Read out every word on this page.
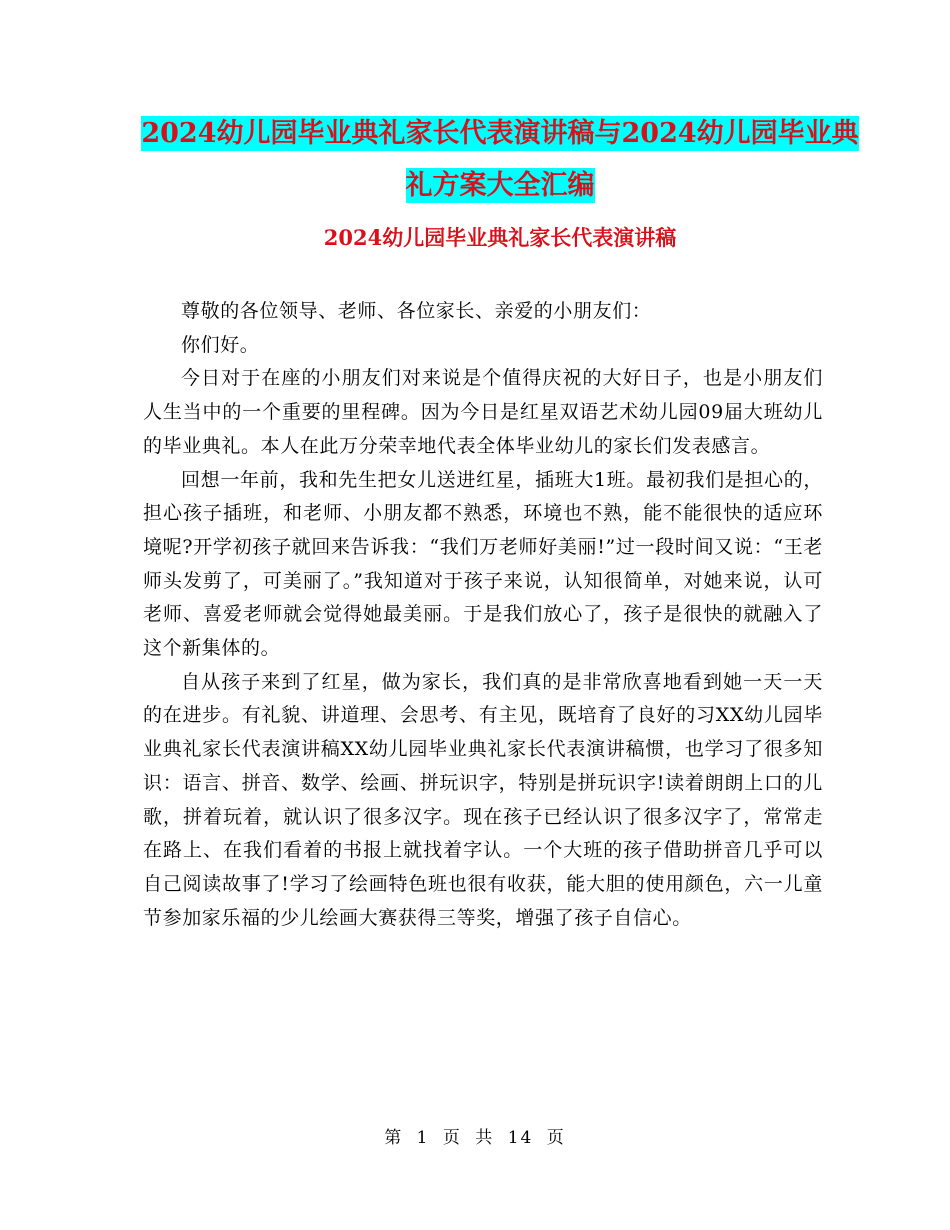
2024幼儿园毕业典礼家长代表演讲稿与2024幼儿园毕业典礼方案大全汇编
2024幼儿园毕业典礼家长代表演讲稿

尊敬的各位领导、老师、各位家长、亲爱的小朋友们：

你们好。

今日对于在座的小朋友们对来说是个值得庆祝的大好日子，也是小朋友们人生当中的一个重要的里程碑。因为今日是红星双语艺术幼儿园09届大班幼儿的毕业典礼。本人在此万分荣幸地代表全体毕业幼儿的家长们发表感言。

回想一年前，我和先生把女儿送进红星，插班大1班。最初我们是担心的，担心孩子插班，和老师、小朋友都不熟悉，环境也不熟，能不能很快的适应环境呢?开学初孩子就回来告诉我：“我们万老师好美丽!”过一段时间又说：“王老师头发剪了，可美丽了。”我知道对于孩子来说，认知很简单，对她来说，认可老师、喜爱老师就会觉得她最美丽。于是我们放心了，孩子是很快的就融入了这个新集体的。

自从孩子来到了红星，做为家长，我们真的是非常欣喜地看到她一天一天的在进步。有礼貌、讲道理、会思考、有主见，既培育了良好的习XX幼儿园毕业典礼家长代表演讲稿XX幼儿园毕业典礼家长代表演讲稿惯，也学习了很多知识：语言、拼音、数学、绘画、拼玩识字，特别是拼玩识字!读着朗朗上口的儿歌，拼着玩着，就认识了很多汉字。现在孩子已经认识了很多汉字了，常常走在路上、在我们看着的书报上就找着字认。一个大班的孩子借助拼音几乎可以自己阅读故事了!学习了绘画特色班也很有收获，能大胆的使用颜色，六一儿童节参加家乐福的少儿绘画大赛获得三等奖，增强了孩子自信心。

第 1 页 共 14 页
